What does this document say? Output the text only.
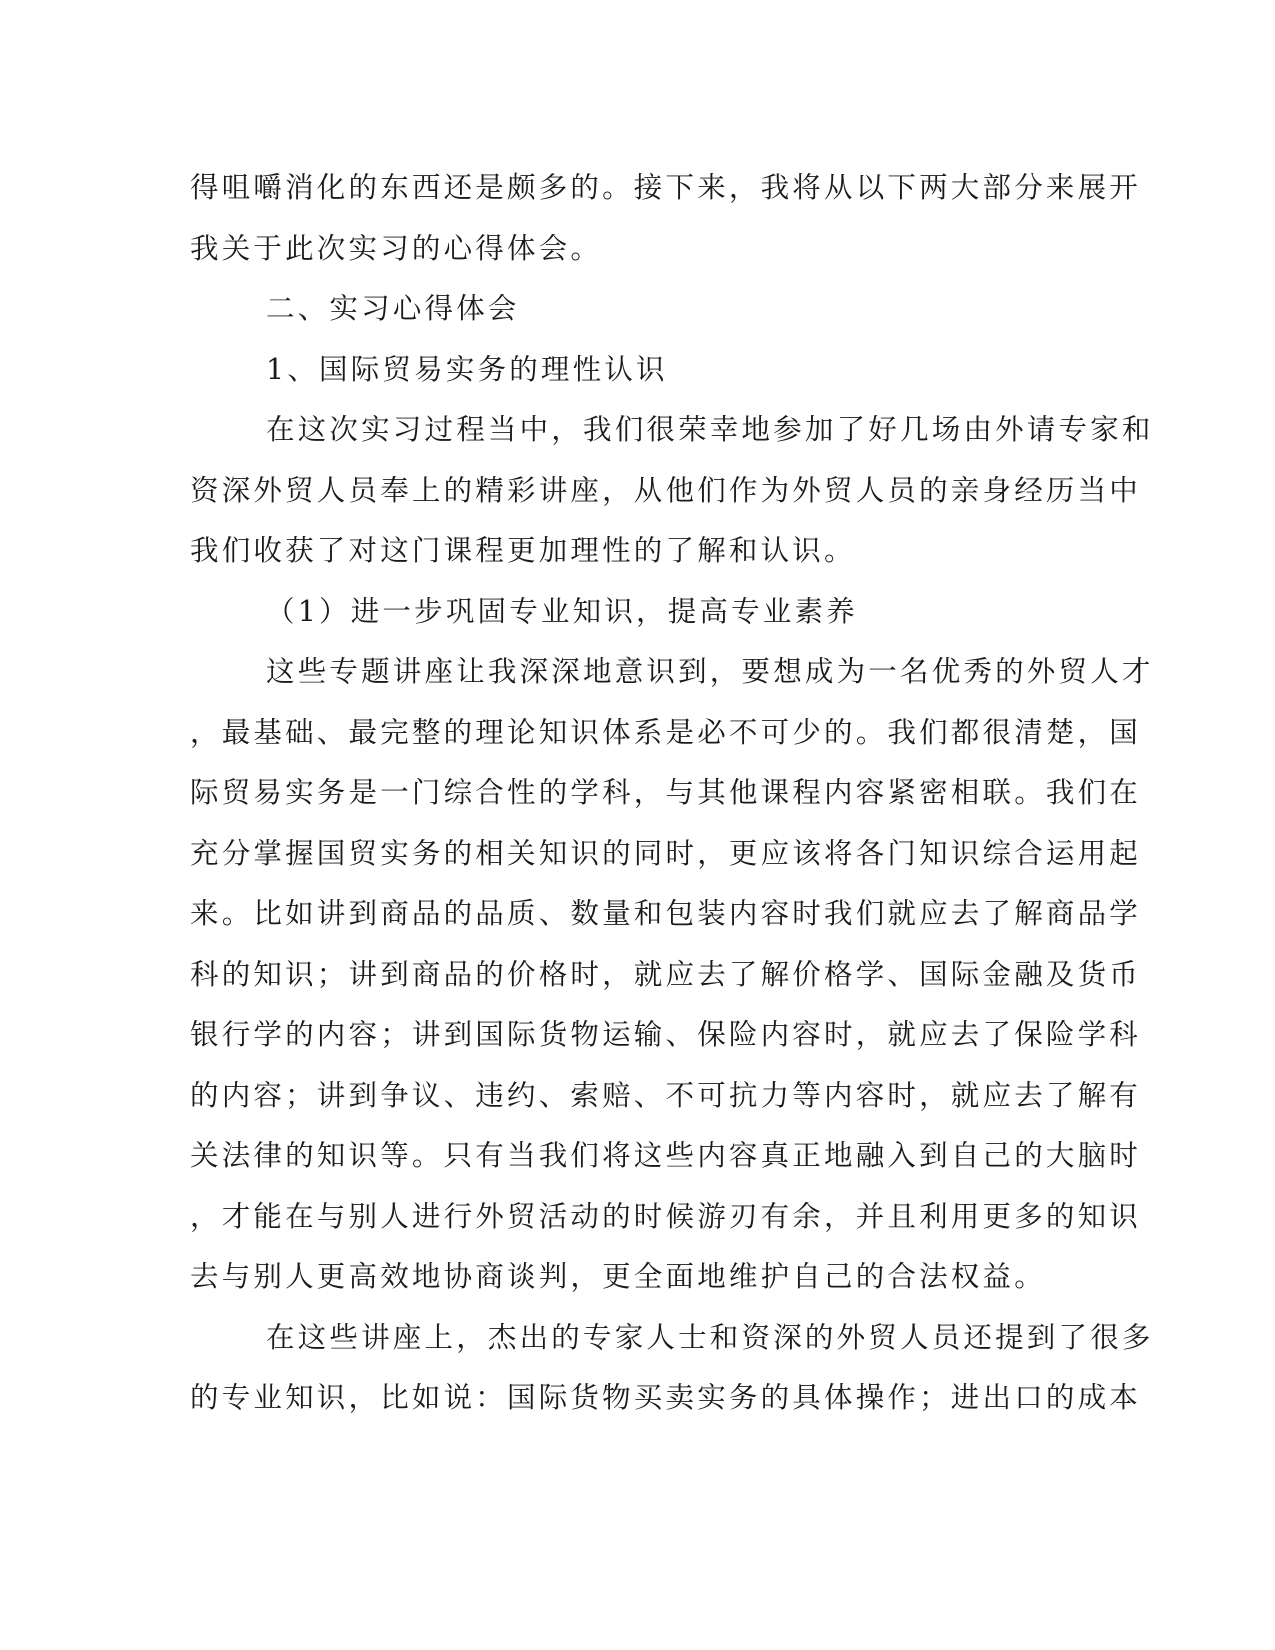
得咀嚼消化的东西还是颇多的。接下来，我将从以下两大部分来展开
我关于此次实习的心得体会。
二、实习心得体会
1、国际贸易实务的理性认识
在这次实习过程当中，我们很荣幸地参加了好几场由外请专家和
资深外贸人员奉上的精彩讲座，从他们作为外贸人员的亲身经历当中
我们收获了对这门课程更加理性的了解和认识。
（1）进一步巩固专业知识，提高专业素养
这些专题讲座让我深深地意识到，要想成为一名优秀的外贸人才
，最基础、最完整的理论知识体系是必不可少的。我们都很清楚，国
际贸易实务是一门综合性的学科，与其他课程内容紧密相联。我们在
充分掌握国贸实务的相关知识的同时，更应该将各门知识综合运用起
来。比如讲到商品的品质、数量和包装内容时我们就应去了解商品学
科的知识；讲到商品的价格时，就应去了解价格学、国际金融及货币
银行学的内容；讲到国际货物运输、保险内容时，就应去了保险学科
的内容；讲到争议、违约、索赔、不可抗力等内容时，就应去了解有
关法律的知识等。只有当我们将这些内容真正地融入到自己的大脑时
，才能在与别人进行外贸活动的时候游刃有余，并且利用更多的知识
去与别人更高效地协商谈判，更全面地维护自己的合法权益。
在这些讲座上，杰出的专家人士和资深的外贸人员还提到了很多
的专业知识，比如说：国际货物买卖实务的具体操作；进出口的成本
